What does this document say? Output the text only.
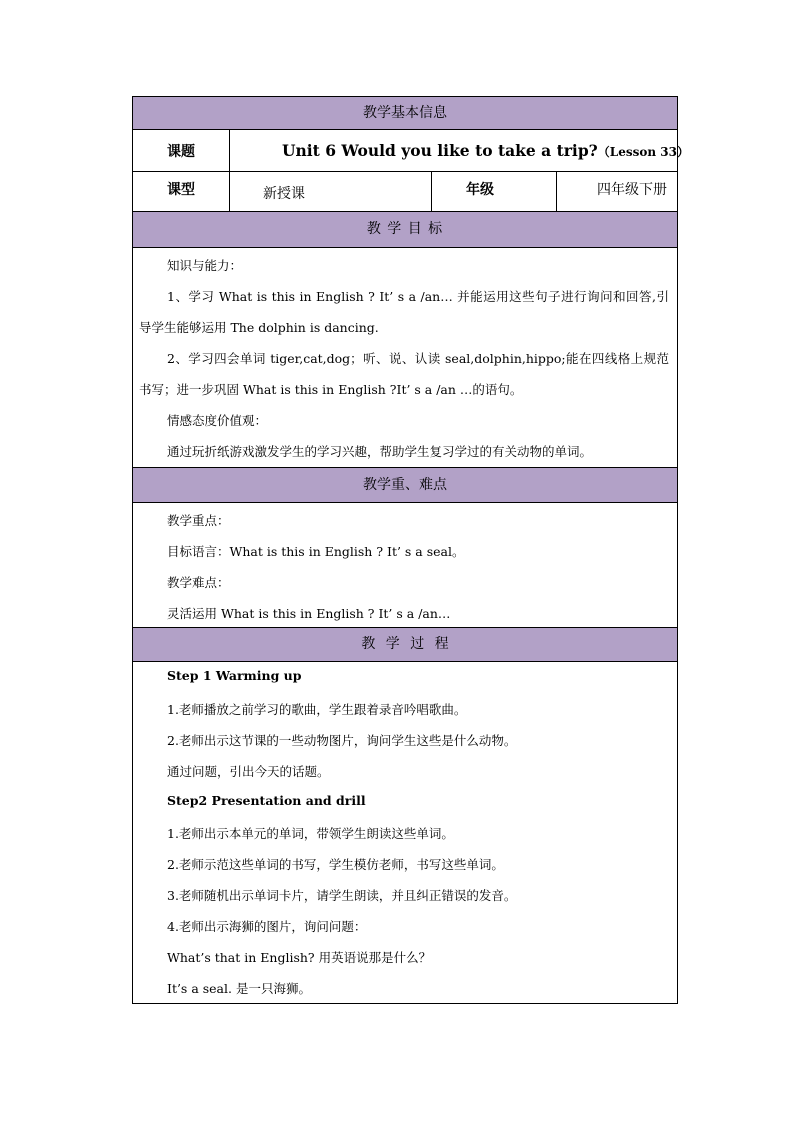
教学基本信息
课题	Unit 6 Would you like to take a trip?（Lesson 33）
课型	新授课	年级	四年级下册
教 学 目 标
知识与能力：
1、学习 What is this in English ? It’ s a /an… 并能运用这些句子进行询问和回答,引
导学生能够运用 The dolphin is dancing.
2、学习四会单词 tiger,cat,dog；听、说、认读 seal,dolphin,hippo;能在四线格上规范
书写；进一步巩固 What is this in English ?It’ s a /an …的语句。
情感态度价值观：
通过玩折纸游戏激发学生的学习兴趣，帮助学生复习学过的有关动物的单词。
教学重、难点
教学重点：
目标语言：What is this in English ? It’ s a seal。
教学难点：
灵活运用 What is this in English ? It’ s a /an…
教 学 过 程
Step 1 Warming up
1.老师播放之前学习的歌曲，学生跟着录音吟唱歌曲。
2.老师出示这节课的一些动物图片，询问学生这些是什么动物。
通过问题，引出今天的话题。
Step2 Presentation and drill
1.老师出示本单元的单词，带领学生朗读这些单词。
2.老师示范这些单词的书写，学生模仿老师，书写这些单词。
3.老师随机出示单词卡片，请学生朗读，并且纠正错误的发音。
4.老师出示海狮的图片，询问问题：
What’s that in English? 用英语说那是什么？
It’s a seal. 是一只海狮。
